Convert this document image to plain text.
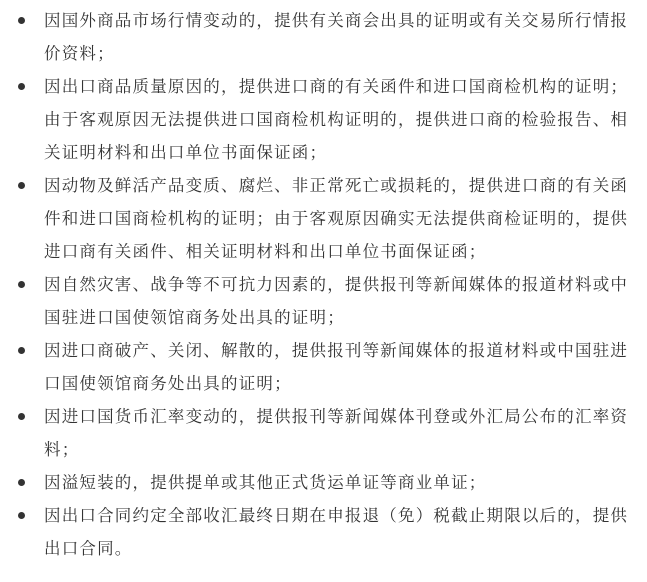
因国外商品市场行情变动的，提供有关商会出具的证明或有关交易所行情报价资料；
因出口商品质量原因的，提供进口商的有关函件和进口国商检机构的证明；由于客观原因无法提供进口国商检机构证明的，提供进口商的检验报告、相关证明材料和出口单位书面保证函；
因动物及鲜活产品变质、腐烂、非正常死亡或损耗的，提供进口商的有关函件和进口国商检机构的证明；由于客观原因确实无法提供商检证明的，提供进口商有关函件、相关证明材料和出口单位书面保证函；
因自然灾害、战争等不可抗力因素的，提供报刊等新闻媒体的报道材料或中国驻进口国使领馆商务处出具的证明；
因进口商破产、关闭、解散的，提供报刊等新闻媒体的报道材料或中国驻进口国使领馆商务处出具的证明；
因进口国货币汇率变动的，提供报刊等新闻媒体刊登或外汇局公布的汇率资料；
因溢短装的，提供提单或其他正式货运单证等商业单证；
因出口合同约定全部收汇最终日期在申报退（免）税截止期限以后的，提供出口合同。
